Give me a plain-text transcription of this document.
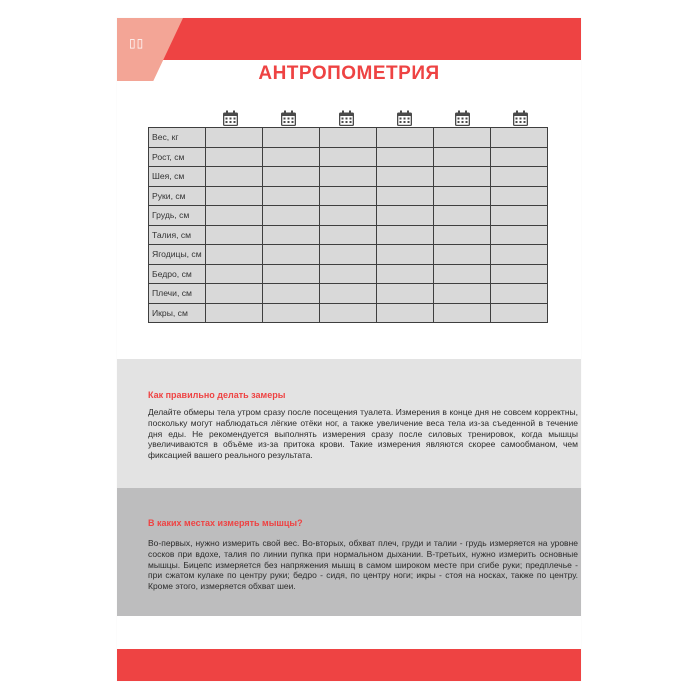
▯▯
АНТРОПОМЕТРИЯ
Вес, кг						
Рост, см						
Шея, см						
Руки, см						
Грудь, см						
Талия, см						
Ягодицы, см						
Бедро, см						
Плечи, см						
Икры, см						
Как правильно делать замеры
Делайте обмеры тела утром сразу после посещения туалета. Измерения в конце дня не совсем корректны, поскольку могут наблюдаться лёгкие отёки ног, а также увеличение веса тела из-за съеденной в течение дня еды. Не рекомендуется выполнять измерения сразу после силовых тренировок, когда мышцы увеличиваются в объёме из-за притока крови. Такие измерения являются скорее самообманом, чем фиксацией вашего реального результата.
В каких местах измерять мышцы?
Во-первых, нужно измерить свой вес. Во-вторых, обхват плеч, груди и талии - грудь измеряется на уровне сосков при вдохе, талия по линии пупка при нормальном дыхании. В-третьих, нужно измерить основные мышцы. Бицепс измеряется без напряжения мышц в самом широком месте при сгибе руки; предплечье - при сжатом кулаке по центру руки; бедро - сидя, по центру ноги; икры - стоя на носках, также по центру. Кроме этого, измеряется обхват шеи.
